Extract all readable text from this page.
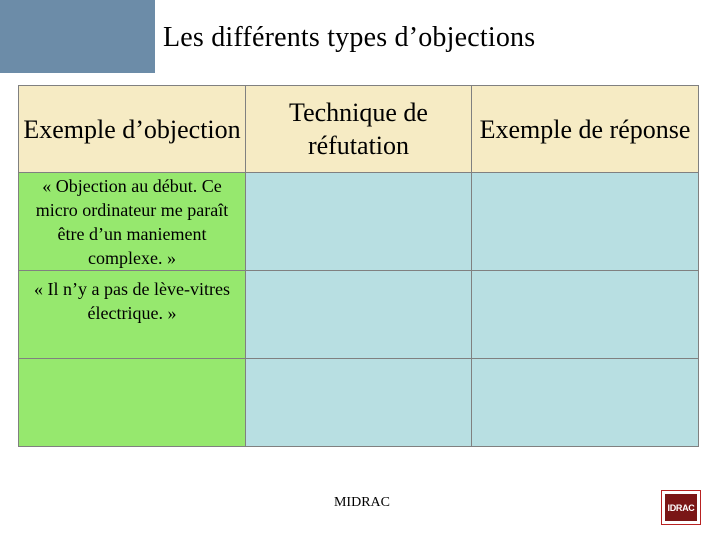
Les différents types d’objections
Exemple d’objection	Technique de réfutation	Exemple de réponse
« Objection au début. Ce micro ordinateur me paraît être d’un maniement complexe. »		
« Il n’y a pas de lève-vitres électrique. »		

MIDRAC	IDRAC
